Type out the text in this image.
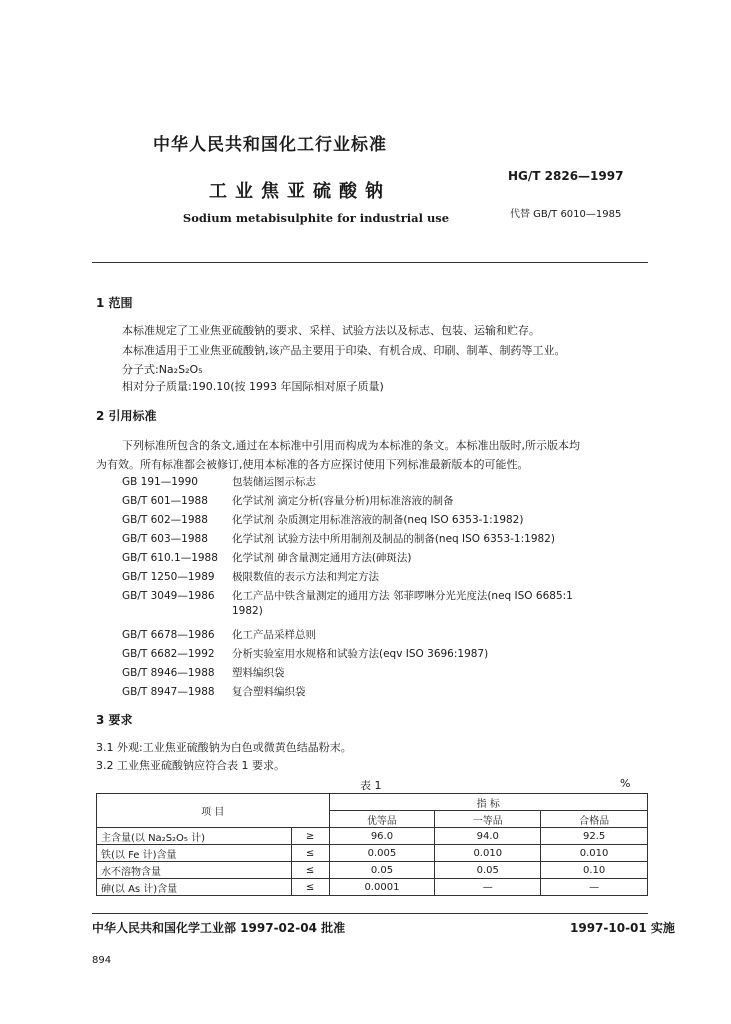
中华人民共和国化工行业标准
HG/T 2826—1997
工业焦亚硫酸钠
代替 GB/T 6010—1985
Sodium metabisulphite for industrial use
1 范围
本标准规定了工业焦亚硫酸钠的要求、采样、试验方法以及标志、包装、运输和贮存。
本标准适用于工业焦亚硫酸钠,该产品主要用于印染、有机合成、印刷、制革、制药等工业。
分子式:Na₂S₂O₅
相对分子质量:190.10(按 1993 年国际相对原子质量)
2 引用标准
下列标准所包含的条文,通过在本标准中引用而构成为本标准的条文。本标准出版时,所示版本均
为有效。所有标准都会被修订,使用本标准的各方应探讨使用下列标准最新版本的可能性。
GB 191—1990	包装储运图示标志
GB/T 601—1988 化学试剂 滴定分析(容量分析)用标准溶液的制备
GB/T 602—1988 化学试剂 杂质测定用标准溶液的制备(neq ISO 6353-1:1982)
GB/T 603—1988 化学试剂 试验方法中所用制剂及制品的制备(neq ISO 6353-1:1982)
GB/T 610.1—1988 化学试剂 砷含量测定通用方法(砷斑法)
GB/T 1250—1989 极限数值的表示方法和判定方法
GB/T 3049—1986 化工产品中铁含量测定的通用方法 邻菲啰啉分光光度法(neq ISO 6685:1
1982)
GB/T 6678—1986 化工产品采样总则
GB/T 6682—1992 分析实验室用水规格和试验方法(eqv ISO 3696:1987)
GB/T 8946—1988 塑料编织袋
GB/T 8947—1988 复合塑料编织袋
3 要求
3.1 外观:工业焦亚硫酸钠为白色或微黄色结晶粉末。
3.2 工业焦亚硫酸钠应符合表 1 要求。
表 1	%
项 目		指 标		
		优等品	一等品	合格品
主含量(以 Na₂S₂O₅ 计)	≥	96.0	94.0	92.5
铁(以 Fe 计)含量	≤	0.005	0.010	0.010
水不溶物含量	≤	0.05	0.05	0.10
砷(以 As 计)含量	≤	0.0001	—	—
中华人民共和国化学工业部 1997-02-04 批准	1997-10-01 实施
894
